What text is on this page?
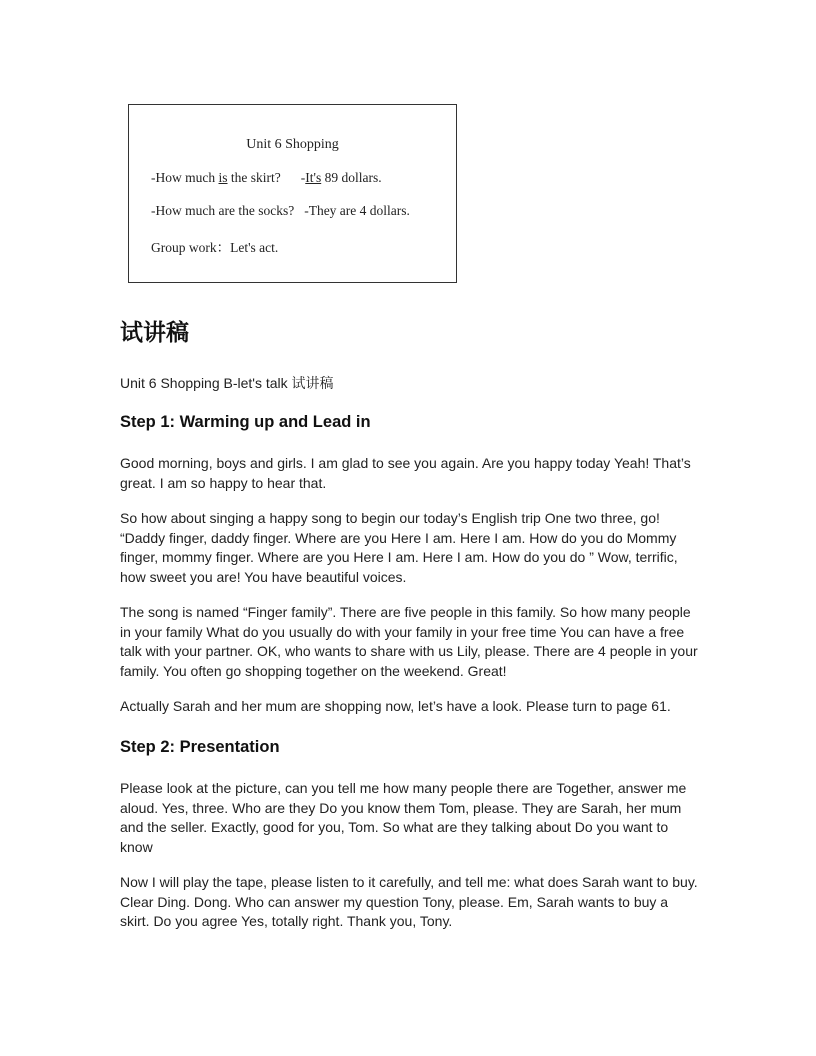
Unit 6 Shopping
-How much is the skirt? -It's 89 dollars.
-How much are the socks? -They are 4 dollars.
Group work：Let's act.
试讲稿

Unit 6 Shopping B-let's talk 试讲稿

Step 1: Warming up and Lead in

Good morning, boys and girls. I am glad to see you again. Are you happy today Yeah! That’s great. I am so happy to hear that.

So how about singing a happy song to begin our today’s English trip One two three, go! “Daddy finger, daddy finger. Where are you Here I am. Here I am. How do you do Mommy finger, mommy finger. Where are you Here I am. Here I am. How do you do ” Wow, terrific, how sweet you are! You have beautiful voices.

The song is named “Finger family”. There are five people in this family. So how many people in your family What do you usually do with your family in your free time You can have a free talk with your partner. OK, who wants to share with us Lily, please. There are 4 people in your family. You often go shopping together on the weekend. Great!

Actually Sarah and her mum are shopping now, let’s have a look. Please turn to page 61.

Step 2: Presentation

Please look at the picture, can you tell me how many people there are Together, answer me aloud. Yes, three. Who are they Do you know them Tom, please. They are Sarah, her mum and the seller. Exactly, good for you, Tom. So what are they talking about Do you want to know

Now I will play the tape, please listen to it carefully, and tell me: what does Sarah want to buy. Clear Ding. Dong. Who can answer my question Tony, please. Em, Sarah wants to buy a skirt. Do you agree Yes, totally right. Thank you, Tony.
